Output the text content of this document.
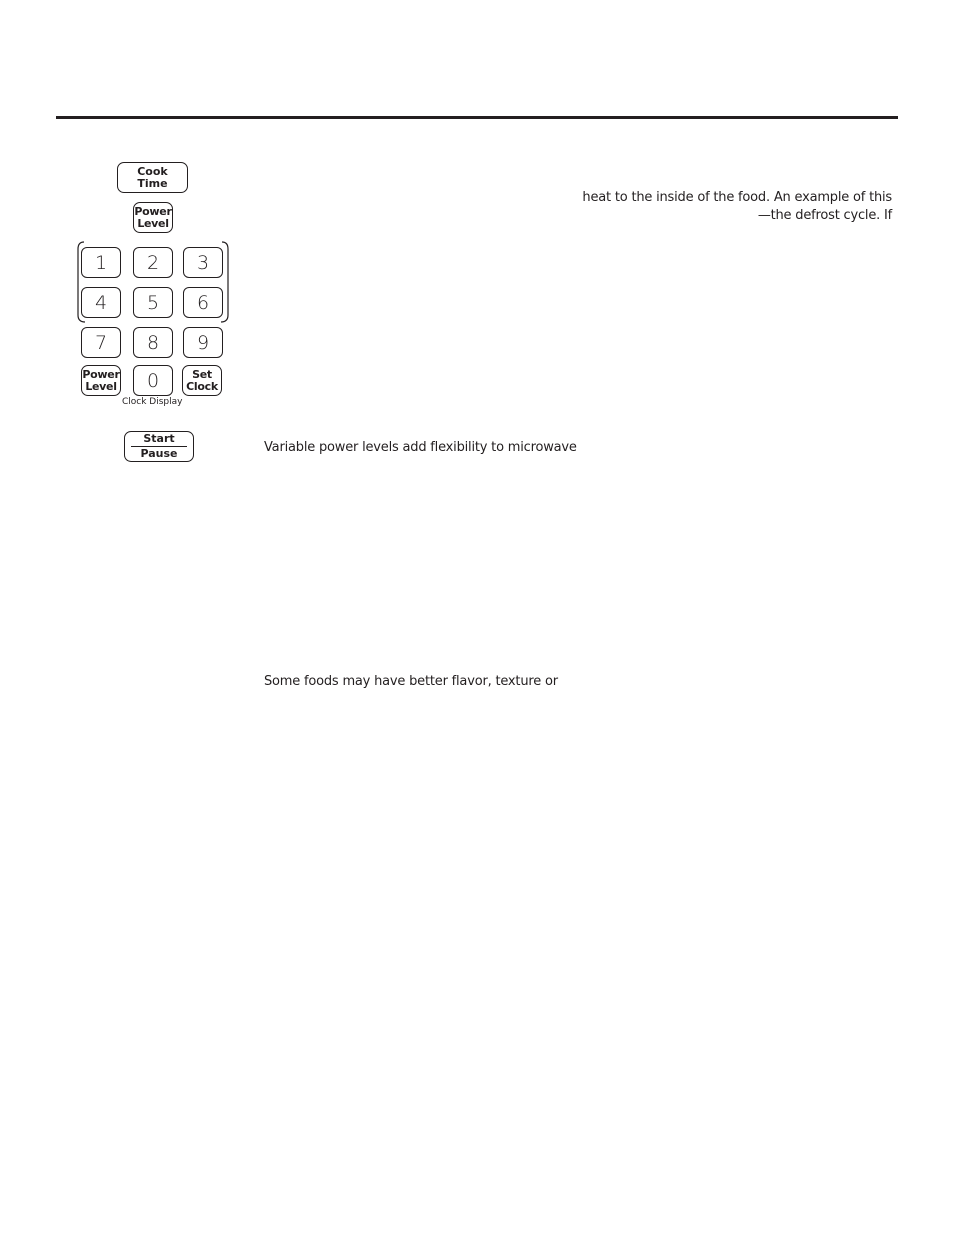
Cook
Time
Power
Level
1 2 3
4 5 6
7 8 9
Power
Level 0	Set
Clock
Clock Display
Start
Pause
heat to the inside of the food. An example of this
—the defrost cycle. If
Variable power levels add flexibility to microwave
Some foods may have better flavor, texture or
